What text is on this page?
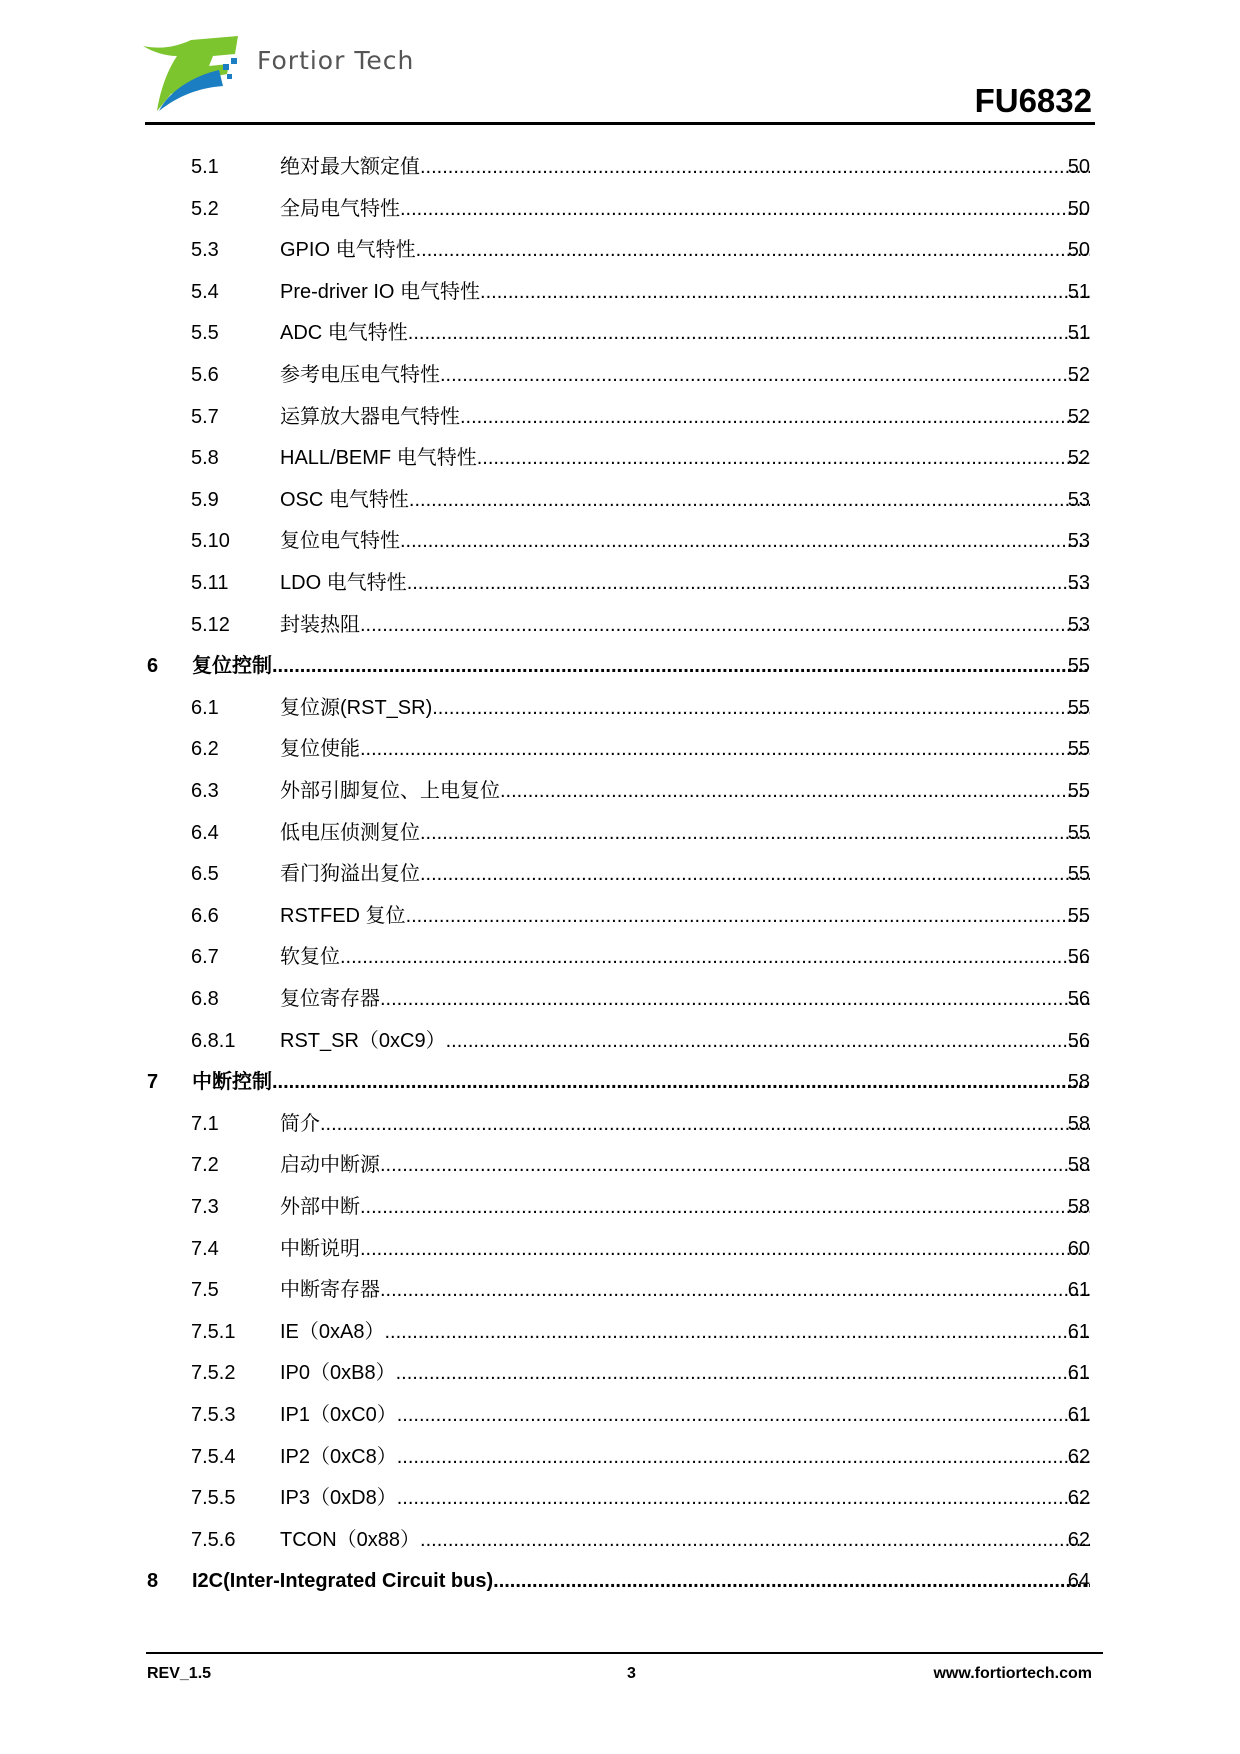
Fortior Tech
FU6832
5.1	绝对最大额定值 .....	50
5.2	全局电气特性 .....	50
5.3	GPIO 电气特性 .....	50
5.4	Pre-driver IO 电气特性 .....	51
5.5	ADC 电气特性 .....	51
5.6	参考电压电气特性 .....	52
5.7	运算放大器电气特性 .....	52
5.8	HALL/BEMF 电气特性 .....	52
5.9	OSC 电气特性 .....	53
5.10	复位电气特性 .....	53
5.11	LDO 电气特性 .....	53
5.12	封装热阻 .....	53
6 复位控制 .....	55
6.1	复位源(RST_SR) .....	55
6.2	复位使能 .....	55
6.3	外部引脚复位、上电复位 .....	55
6.4	低电压侦测复位 .....	55
6.5	看门狗溢出复位 .....	55
6.6	RSTFED 复位 .....	55
6.7	软复位 .....	56
6.8	复位寄存器 .....	56
6.8.1 RST_SR（0xC9） .....	56
7 中断控制 .....	58
7.1	简介 .....	58
7.2	启动中断源 .....	58
7.3	外部中断 .....	58
7.4	中断说明 .....	60
7.5	中断寄存器 .....	61
7.5.1 IE（0xA8） .....	61
7.5.2 IP0（0xB8） .....	61
7.5.3 IP1（0xC0） .....	61
7.5.4 IP2（0xC8） .....	62
7.5.5 IP3（0xD8） .....	62
7.5.6 TCON（0x88） .....	62
8 I2C(Inter-Integrated Circuit bus) .....	64
REV_1.5	3	www.fortiortech.com
